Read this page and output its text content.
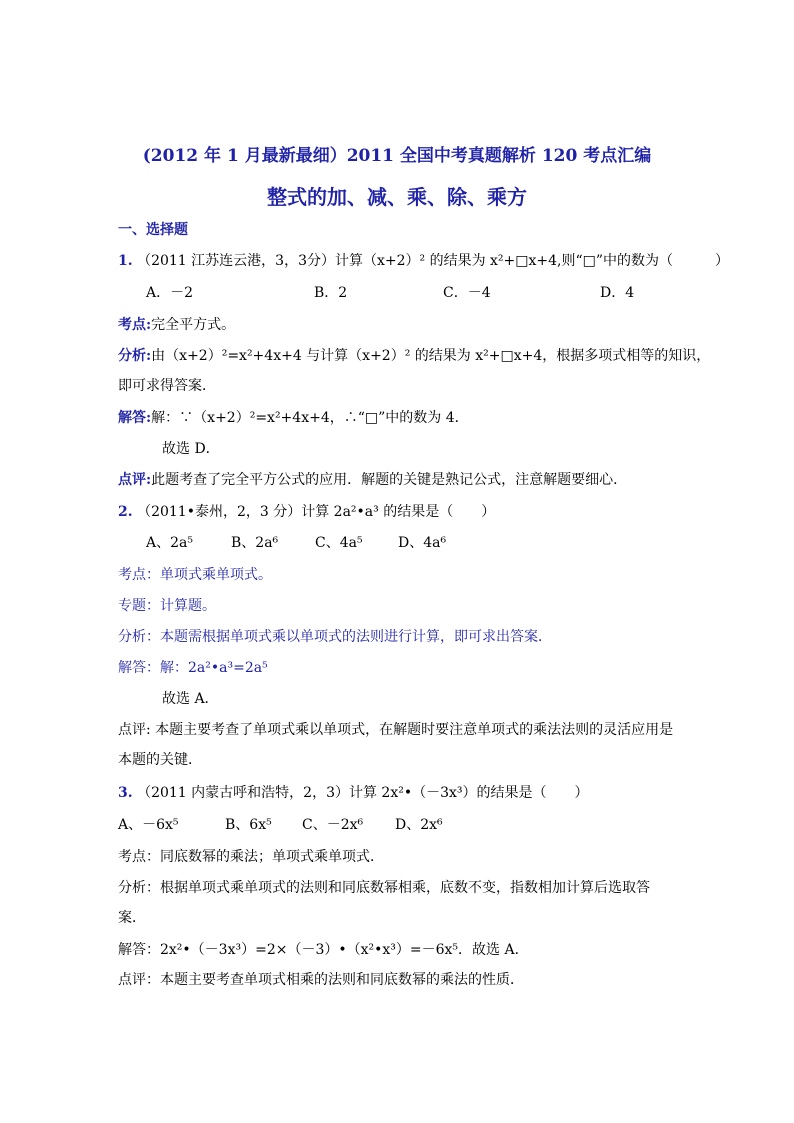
(2012 年 1 月最新最细）2011 全国中考真题解析 120 考点汇编
整式的加、减、乘、除、乘方
一、选择题
1. （2011 江苏连云港，3，3分）计算（x+2）² 的结果为 x²+□x+4,则“□”中的数为（　　　）
A．－2	B．2	C．－4	D．4
考点:完全平方式。
分析:由（x+2）²=x²+4x+4 与计算（x+2）² 的结果为 x²+□x+4，根据多项式相等的知识，
即可求得答案．
解答:解：∵（x+2）²=x²+4x+4，∴“□”中的数为 4．
故选 D．
点评:此题考查了完全平方公式的应用．解题的关键是熟记公式，注意解题要细心．
2. （2011•泰州，2，3 分）计算 2a²•a³ 的结果是（　　）
A、2a⁵	B、2a⁶	C、4a⁵	D、4a⁶
考点：单项式乘单项式。
专题：计算题。
分析：本题需根据单项式乘以单项式的法则进行计算，即可求出答案．
解答：解：2a²•a³=2a⁵
故选 A．
点评: 本题主要考查了单项式乘以单项式，在解题时要注意单项式的乘法法则的灵活应用是
本题的关键．
3. （2011 内蒙古呼和浩特，2，3）计算 2x²•（－3x³）的结果是（　　）
A、－6x⁵	B、6x⁵ C、－2x⁶ D、2x⁶
考点：同底数幂的乘法；单项式乘单项式．
分析：根据单项式乘单项式的法则和同底数幂相乘，底数不变，指数相加计算后选取答
案．
解答：2x²•（－3x³）=2×（－3）•（x²•x³）=－6x⁵．故选 A．
点评：本题主要考查单项式相乘的法则和同底数幂的乘法的性质．
